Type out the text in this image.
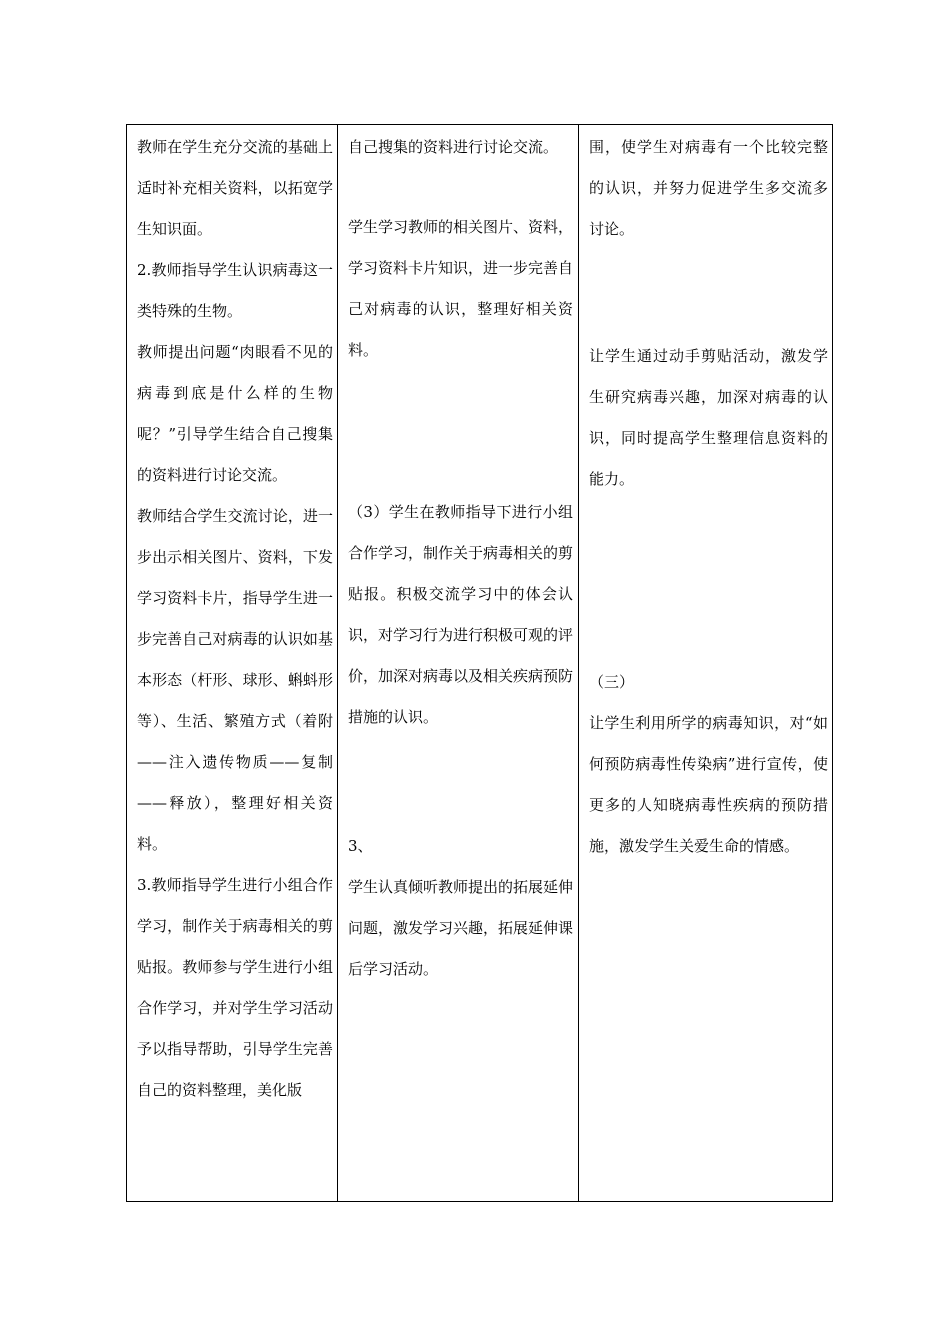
教师在学生充分交流的基础上适时补充相关资料，以拓宽学生知识面。

2.教师指导学生认识病毒这一类特殊的生物。

教师提出问题“肉眼看不见的病毒到底是什么样的生物呢？”引导学生结合自己搜集的资料进行讨论交流。

教师结合学生交流讨论，进一步出示相关图片、资料，下发学习资料卡片，指导学生进一步完善自己对病毒的认识如基本形态（杆形、球形、蝌蚪形等）、生活、繁殖方式（着附——注入遗传物质——复制——释放），整理好相关资料。

3.教师指导学生进行小组合作学习，制作关于病毒相关的剪贴报。教师参与学生进行小组合作学习，并对学生学习活动予以指导帮助，引导学生完善自己的资料整理，美化版

自己搜集的资料进行讨论交流。

学生学习教师的相关图片、资料，学习资料卡片知识，进一步完善自己对病毒的认识，整理好相关资料。

（3）学生在教师指导下进行小组合作学习，制作关于病毒相关的剪贴报。积极交流学习中的体会认识，对学习行为进行积极可观的评价，加深对病毒以及相关疾病预防措施的认识。

3、

学生认真倾听教师提出的拓展延伸问题，激发学习兴趣，拓展延伸课后学习活动。

围，使学生对病毒有一个比较完整的认识，并努力促进学生多交流多讨论。

让学生通过动手剪贴活动，激发学生研究病毒兴趣，加深对病毒的认识，同时提高学生整理信息资料的能力。

（三）

让学生利用所学的病毒知识，对“如何预防病毒性传染病”进行宣传，使更多的人知晓病毒性疾病的预防措施，激发学生关爱生命的情感。
